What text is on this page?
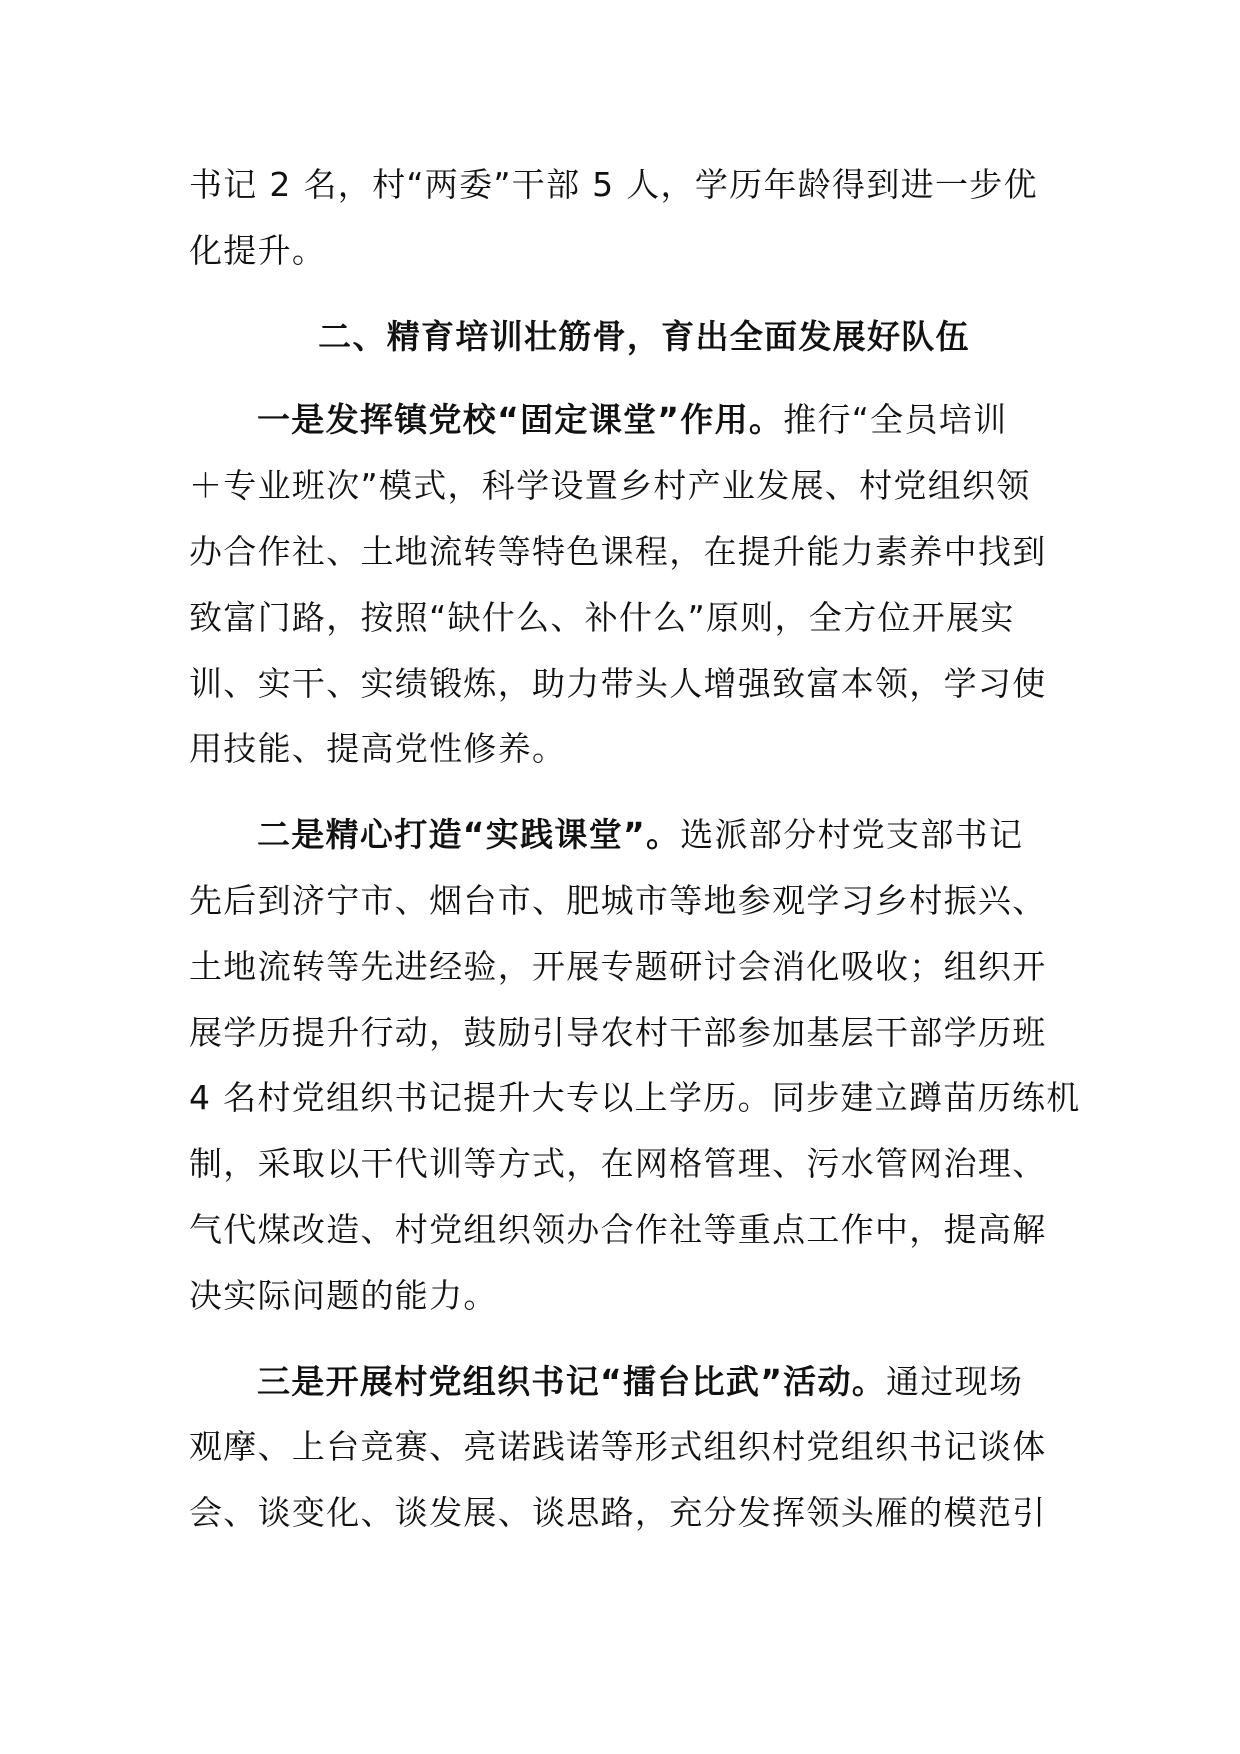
书记 2 名，村“两委”干部 5 人，学历年龄得到进一步优
化提升。

二、精育培训壮筋骨，育出全面发展好队伍

一是发挥镇党校“固定课堂”作用。推行“全员培训
＋专业班次”模式，科学设置乡村产业发展、村党组织领
办合作社、土地流转等特色课程，在提升能力素养中找到
致富门路，按照“缺什么、补什么”原则，全方位开展实
训、实干、实绩锻炼，助力带头人增强致富本领，学习使
用技能、提高党性修养。

二是精心打造“实践课堂”。选派部分村党支部书记
先后到济宁市、烟台市、肥城市等地参观学习乡村振兴、
土地流转等先进经验，开展专题研讨会消化吸收；组织开
展学历提升行动，鼓励引导农村干部参加基层干部学历班
4 名村党组织书记提升大专以上学历。同步建立蹲苗历练机
制，采取以干代训等方式，在网格管理、污水管网治理、
气代煤改造、村党组织领办合作社等重点工作中，提高解
决实际问题的能力。

三是开展村党组织书记“擂台比武”活动。通过现场
观摩、上台竞赛、亮诺践诺等形式组织村党组织书记谈体
会、谈变化、谈发展、谈思路，充分发挥领头雁的模范引
